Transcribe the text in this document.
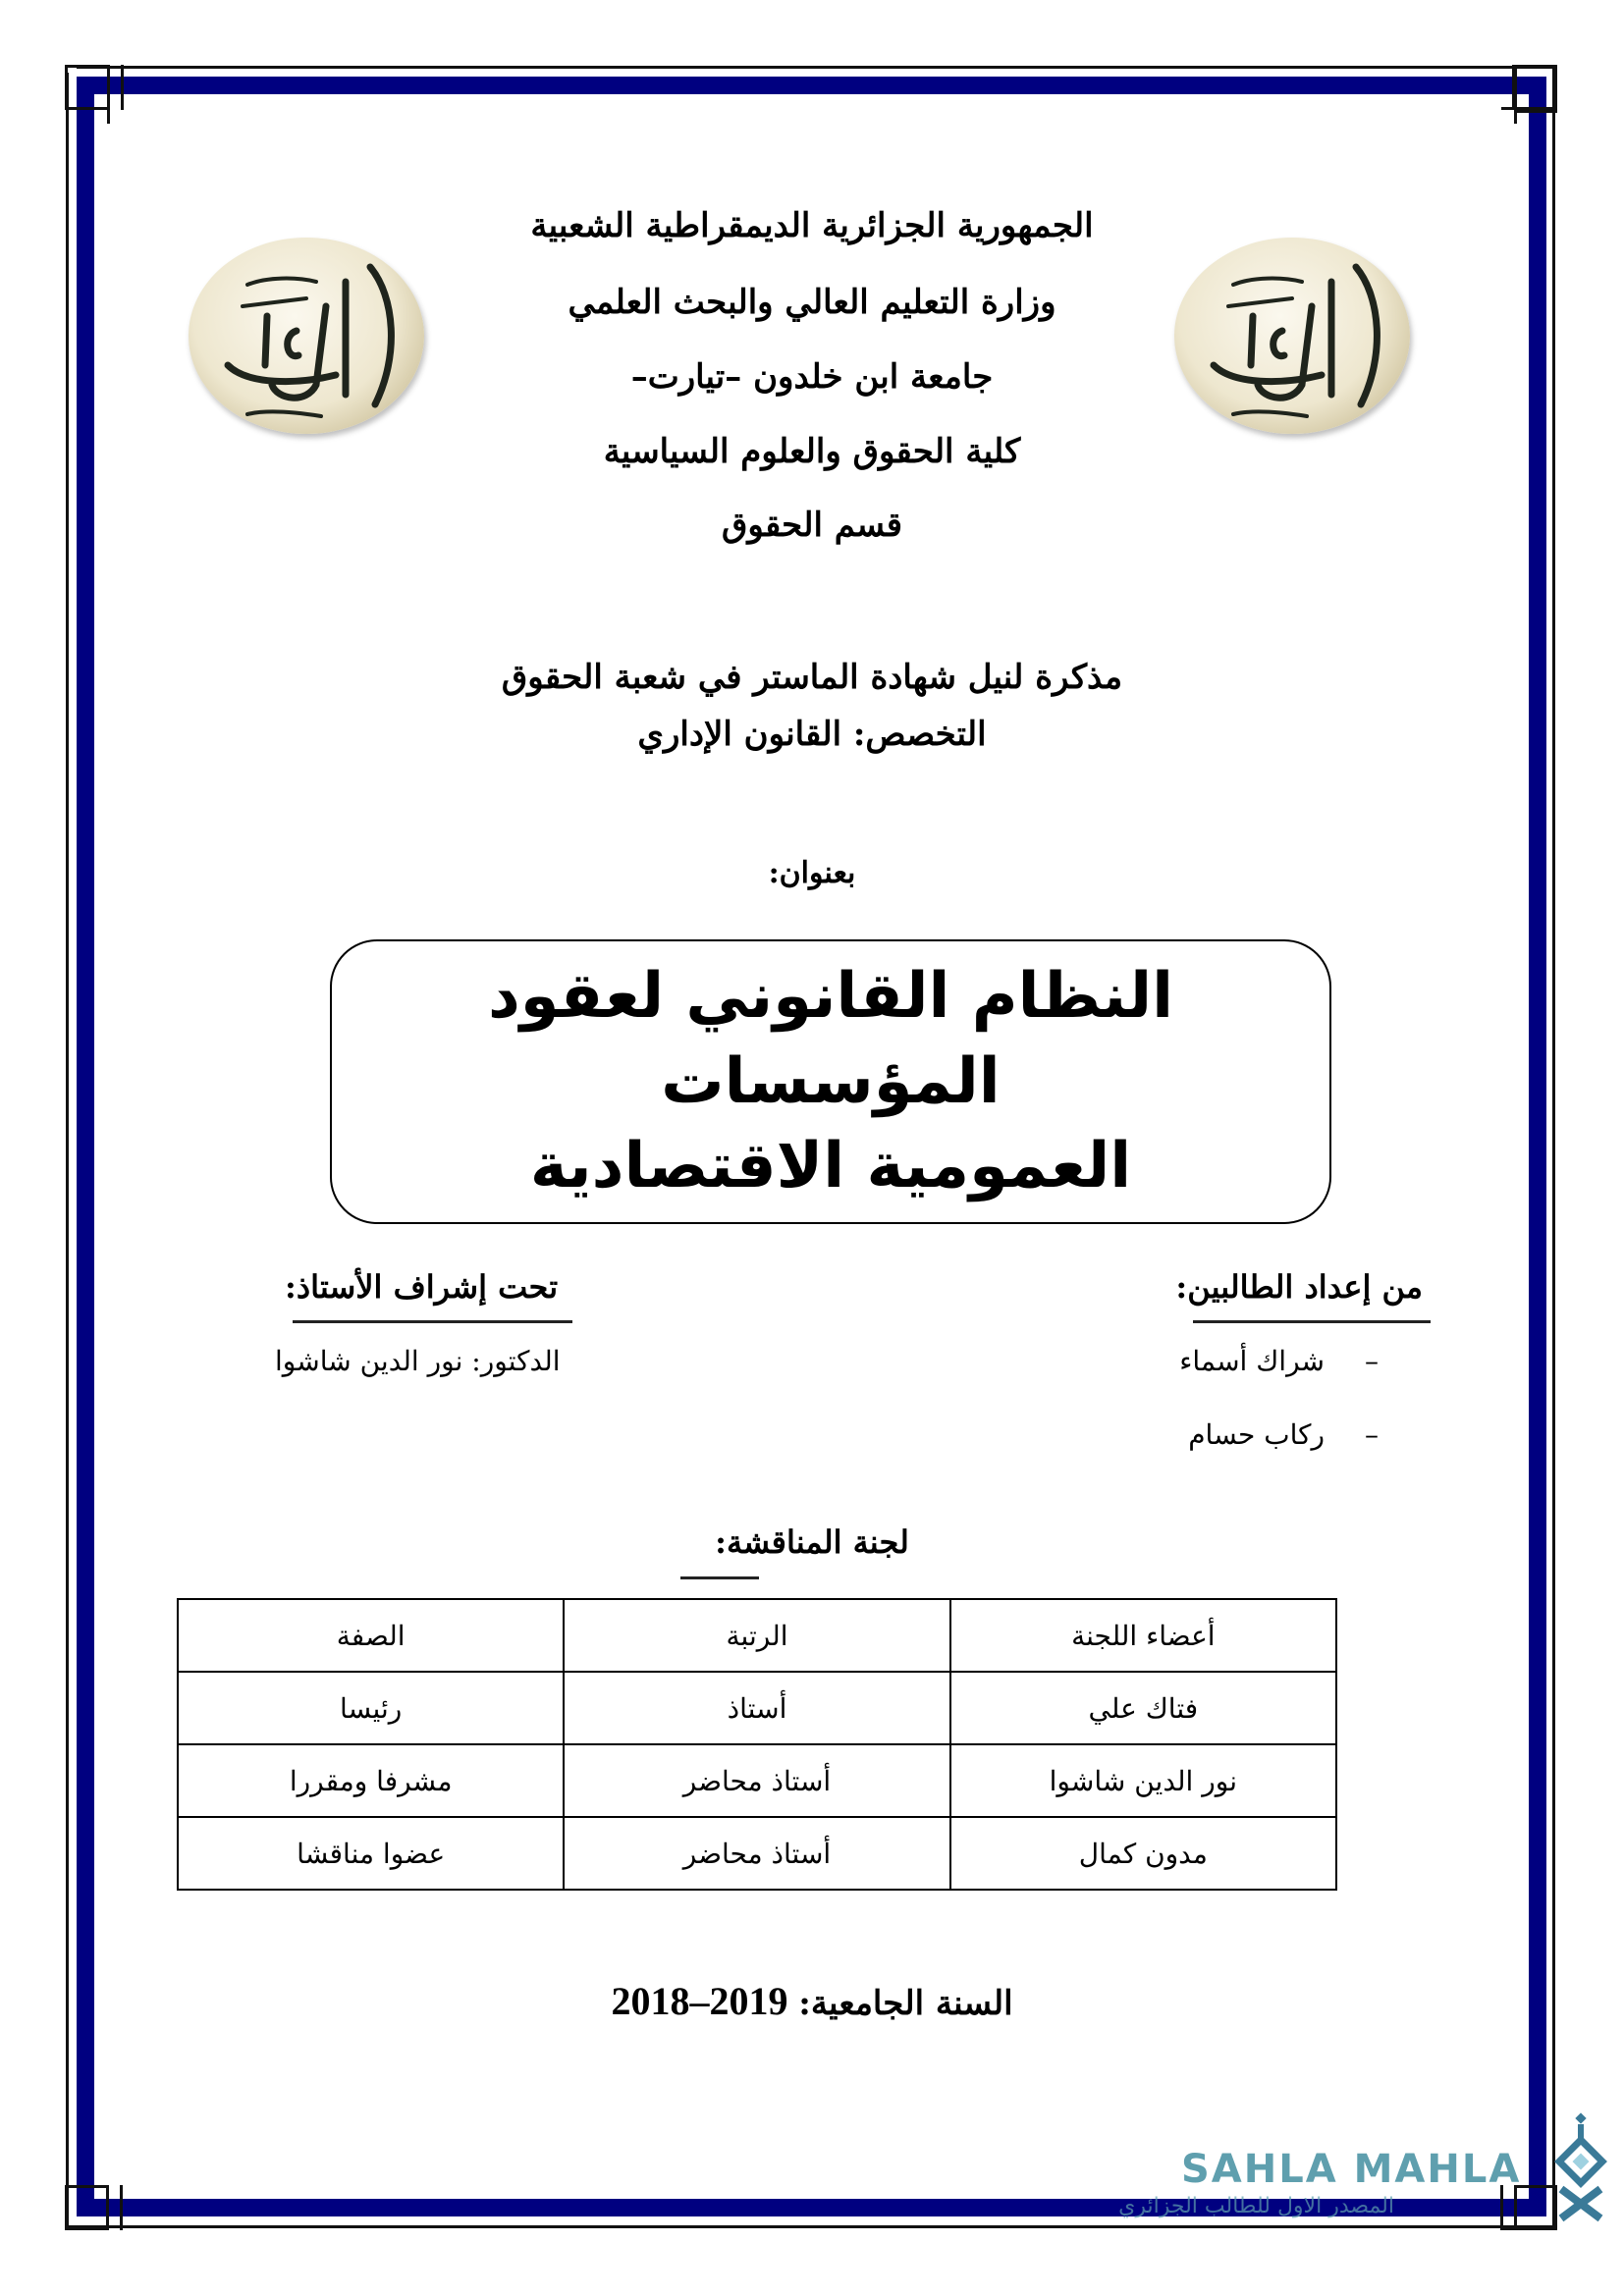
الجمهورية الجزائرية الديمقراطية الشعبية
وزارة التعليم العالي والبحث العلمي
جامعة ابن خلدون –تيارت–
كلية الحقوق والعلوم السياسية
قسم الحقوق
مذكرة لنيل شهادة الماستر في شعبة الحقوق
التخصص: القانون الإداري
بعنوان:
النظام القانوني لعقود المؤسسات
العمومية الاقتصادية
من إعداد الطالبين:
–
شراك أسماء
–
ركاب حسام
تحت إشراف الأستاذ:
الدكتور: نور الدين شاشوا
لجنة المناقشة:
أعضاء اللجنة	الرتبة	الصفة
فتاك علي	أستاذ	رئيسا
نور الدين شاشوا	أستاذ محاضر	مشرفا ومقررا
مدون كمال	أستاذ محاضر	عضوا مناقشا
2018–2019 السنة الجامعية:
SAHLA MAHLA
المصدر الاول للطالب الجزائري
